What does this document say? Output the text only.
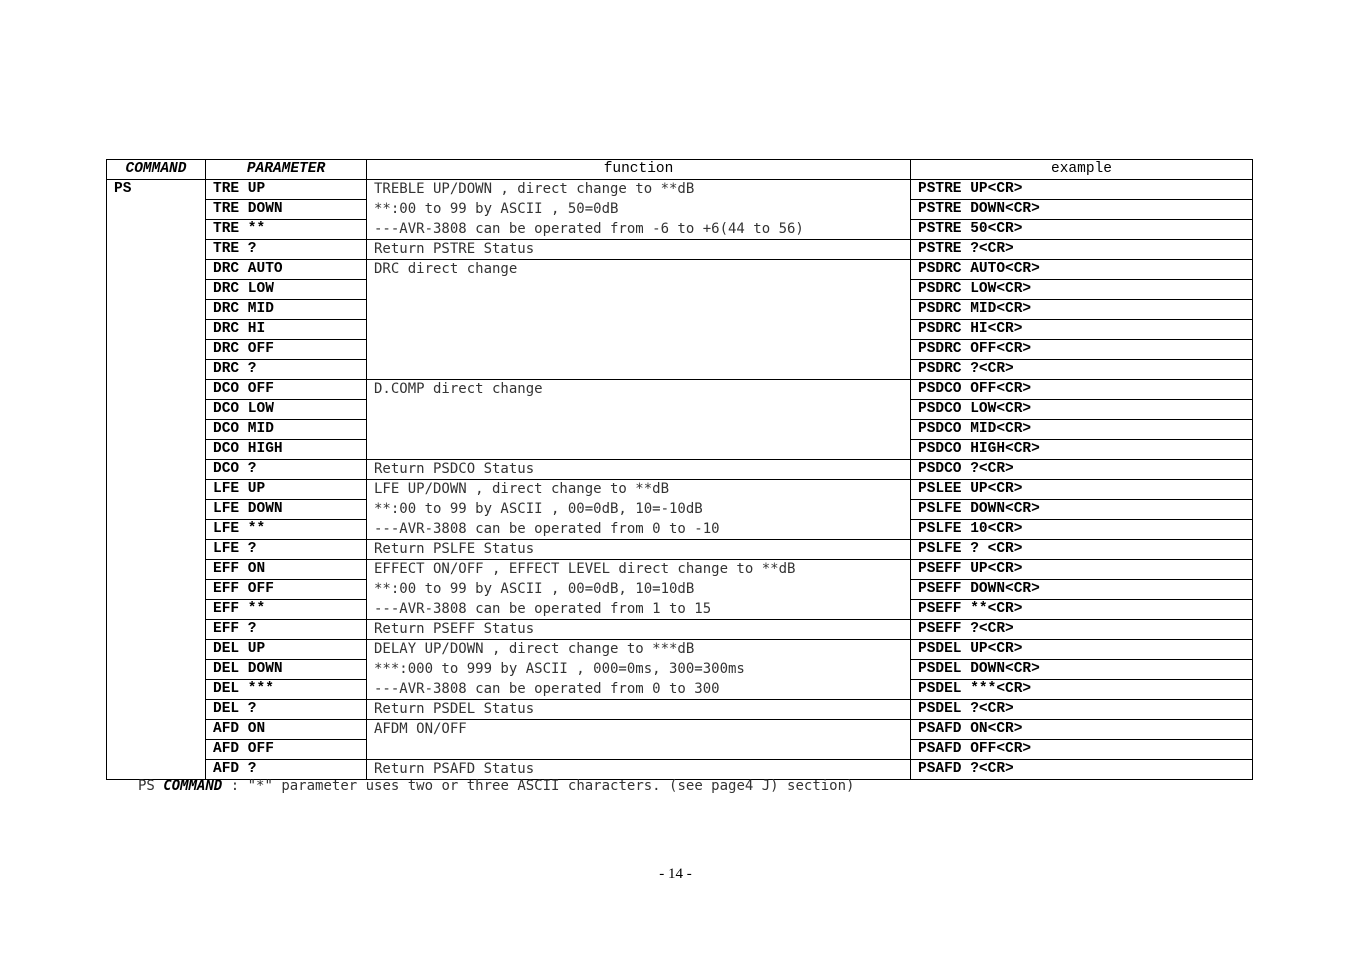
COMMAND	PARAMETER	function	example
PS	TRE UP	TREBLE UP/DOWN , direct change to **dB	PSTRE UP<CR>
	TRE DOWN	**:00 to 99 by ASCII , 50=0dB	PSTRE DOWN<CR>
	TRE **	---AVR-3808 can be operated from -6 to +6(44 to 56)	PSTRE 50<CR>
	TRE ?	Return PSTRE Status	PSTRE ?<CR>
	DRC AUTO	DRC direct change	PSDRC AUTO<CR>
	DRC LOW		PSDRC LOW<CR>
	DRC MID		PSDRC MID<CR>
	DRC HI		PSDRC HI<CR>
	DRC OFF		PSDRC OFF<CR>
	DRC ?		PSDRC ?<CR>
	DCO OFF	D.COMP direct change	PSDCO OFF<CR>
	DCO LOW		PSDCO LOW<CR>
	DCO MID		PSDCO MID<CR>
	DCO HIGH		PSDCO HIGH<CR>
	DCO ?	Return PSDCO Status	PSDCO ?<CR>
	LFE UP	LFE UP/DOWN , direct change to **dB	PSLEE UP<CR>
	LFE DOWN	**:00 to 99 by ASCII , 00=0dB, 10=-10dB	PSLFE DOWN<CR>
	LFE **	---AVR-3808 can be operated from 0 to -10	PSLFE 10<CR>
	LFE ?	Return PSLFE Status	PSLFE ? <CR>
	EFF ON	EFFECT ON/OFF , EFFECT LEVEL direct change to **dB	PSEFF UP<CR>
	EFF OFF	**:00 to 99 by ASCII , 00=0dB, 10=10dB	PSEFF DOWN<CR>
	EFF **	---AVR-3808 can be operated from 1 to 15	PSEFF **<CR>
	EFF ?	Return PSEFF Status	PSEFF ?<CR>
	DEL UP	DELAY UP/DOWN , direct change to ***dB	PSDEL UP<CR>
	DEL DOWN	***:000 to 999 by ASCII , 000=0ms, 300=300ms	PSDEL DOWN<CR>
	DEL ***	---AVR-3808 can be operated from 0 to 300	PSDEL ***<CR>
	DEL ?	Return PSDEL Status	PSDEL ?<CR>
	AFD ON	AFDM ON/OFF	PSAFD ON<CR>
	AFD OFF		PSAFD OFF<CR>
	AFD ?	Return PSAFD Status	PSAFD ?<CR>
PS COMMAND : "*" parameter uses two or three ASCII characters. (see page4 J) section)
- 14 -
